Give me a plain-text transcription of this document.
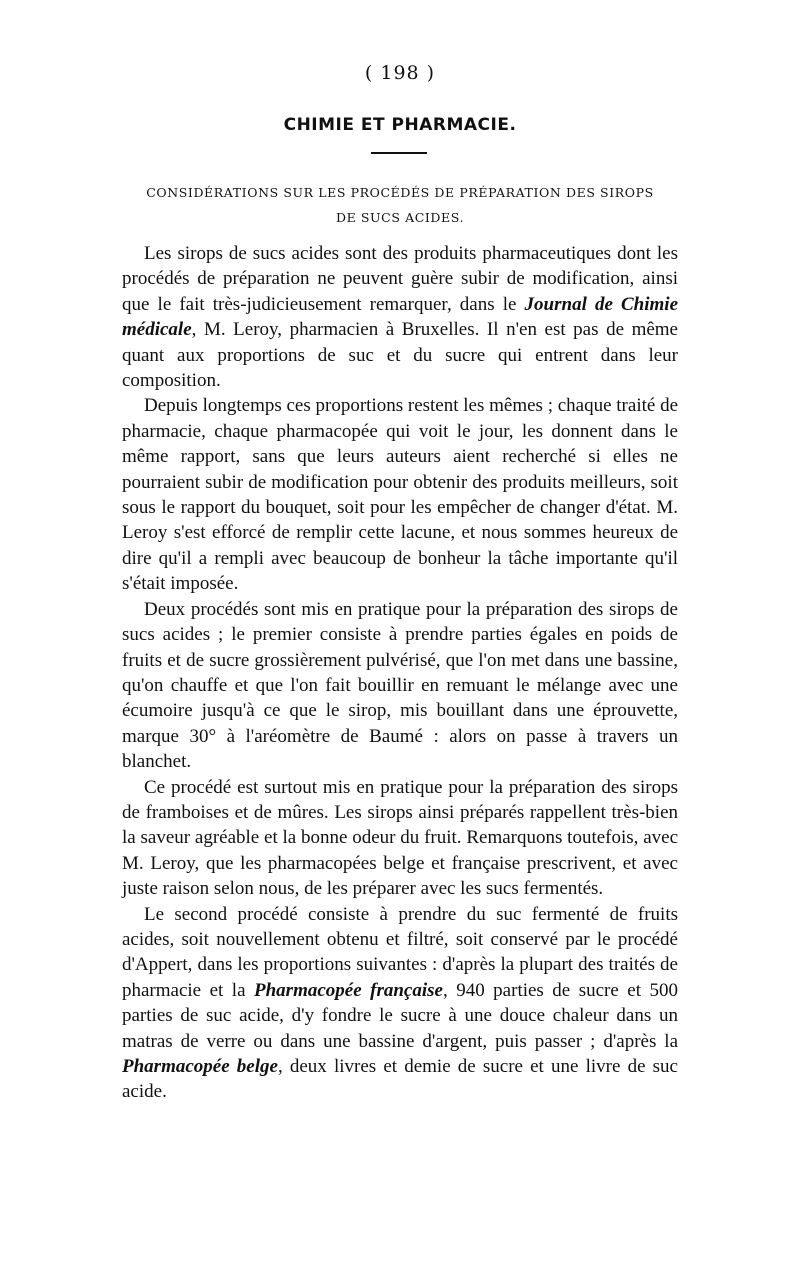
( 198 )
CHIMIE ET PHARMACIE.
CONSIDÉRATIONS SUR LES PROCÉDÉS DE PRÉPARATION DES SIROPS DE SUCS ACIDES.

Les sirops de sucs acides sont des produits pharmaceutiques dont les procédés de préparation ne peuvent guère subir de modification, ainsi que le fait très-judicieusement remarquer, dans le Journal de Chimie médicale, M. Leroy, pharmacien à Bruxelles. Il n'en est pas de même quant aux proportions de suc et du sucre qui entrent dans leur composition.

Depuis longtemps ces proportions restent les mêmes ; chaque traité de pharmacie, chaque pharmacopée qui voit le jour, les donnent dans le même rapport, sans que leurs auteurs aient recherché si elles ne pourraient subir de modification pour obtenir des produits meilleurs, soit sous le rapport du bouquet, soit pour les empêcher de changer d'état. M. Leroy s'est efforcé de remplir cette lacune, et nous sommes heureux de dire qu'il a rempli avec beaucoup de bonheur la tâche importante qu'il s'était imposée.

Deux procédés sont mis en pratique pour la préparation des sirops de sucs acides ; le premier consiste à prendre parties égales en poids de fruits et de sucre grossièrement pulvérisé, que l'on met dans une bassine, qu'on chauffe et que l'on fait bouillir en remuant le mélange avec une écumoire jusqu'à ce que le sirop, mis bouillant dans une éprouvette, marque 30° à l'aréomètre de Baumé : alors on passe à travers un blanchet.

Ce procédé est surtout mis en pratique pour la préparation des sirops de framboises et de mûres. Les sirops ainsi préparés rappellent très-bien la saveur agréable et la bonne odeur du fruit. Remarquons toutefois, avec M. Leroy, que les pharmacopées belge et française prescrivent, et avec juste raison selon nous, de les préparer avec les sucs fermentés.

Le second procédé consiste à prendre du suc fermenté de fruits acides, soit nouvellement obtenu et filtré, soit conservé par le procédé d'Appert, dans les proportions suivantes : d'après la plupart des traités de pharmacie et la Pharmacopée française, 940 parties de sucre et 500 parties de suc acide, d'y fondre le sucre à une douce chaleur dans un matras de verre ou dans une bassine d'argent, puis passer ; d'après la Pharmacopée belge, deux livres et demie de sucre et une livre de suc acide.
